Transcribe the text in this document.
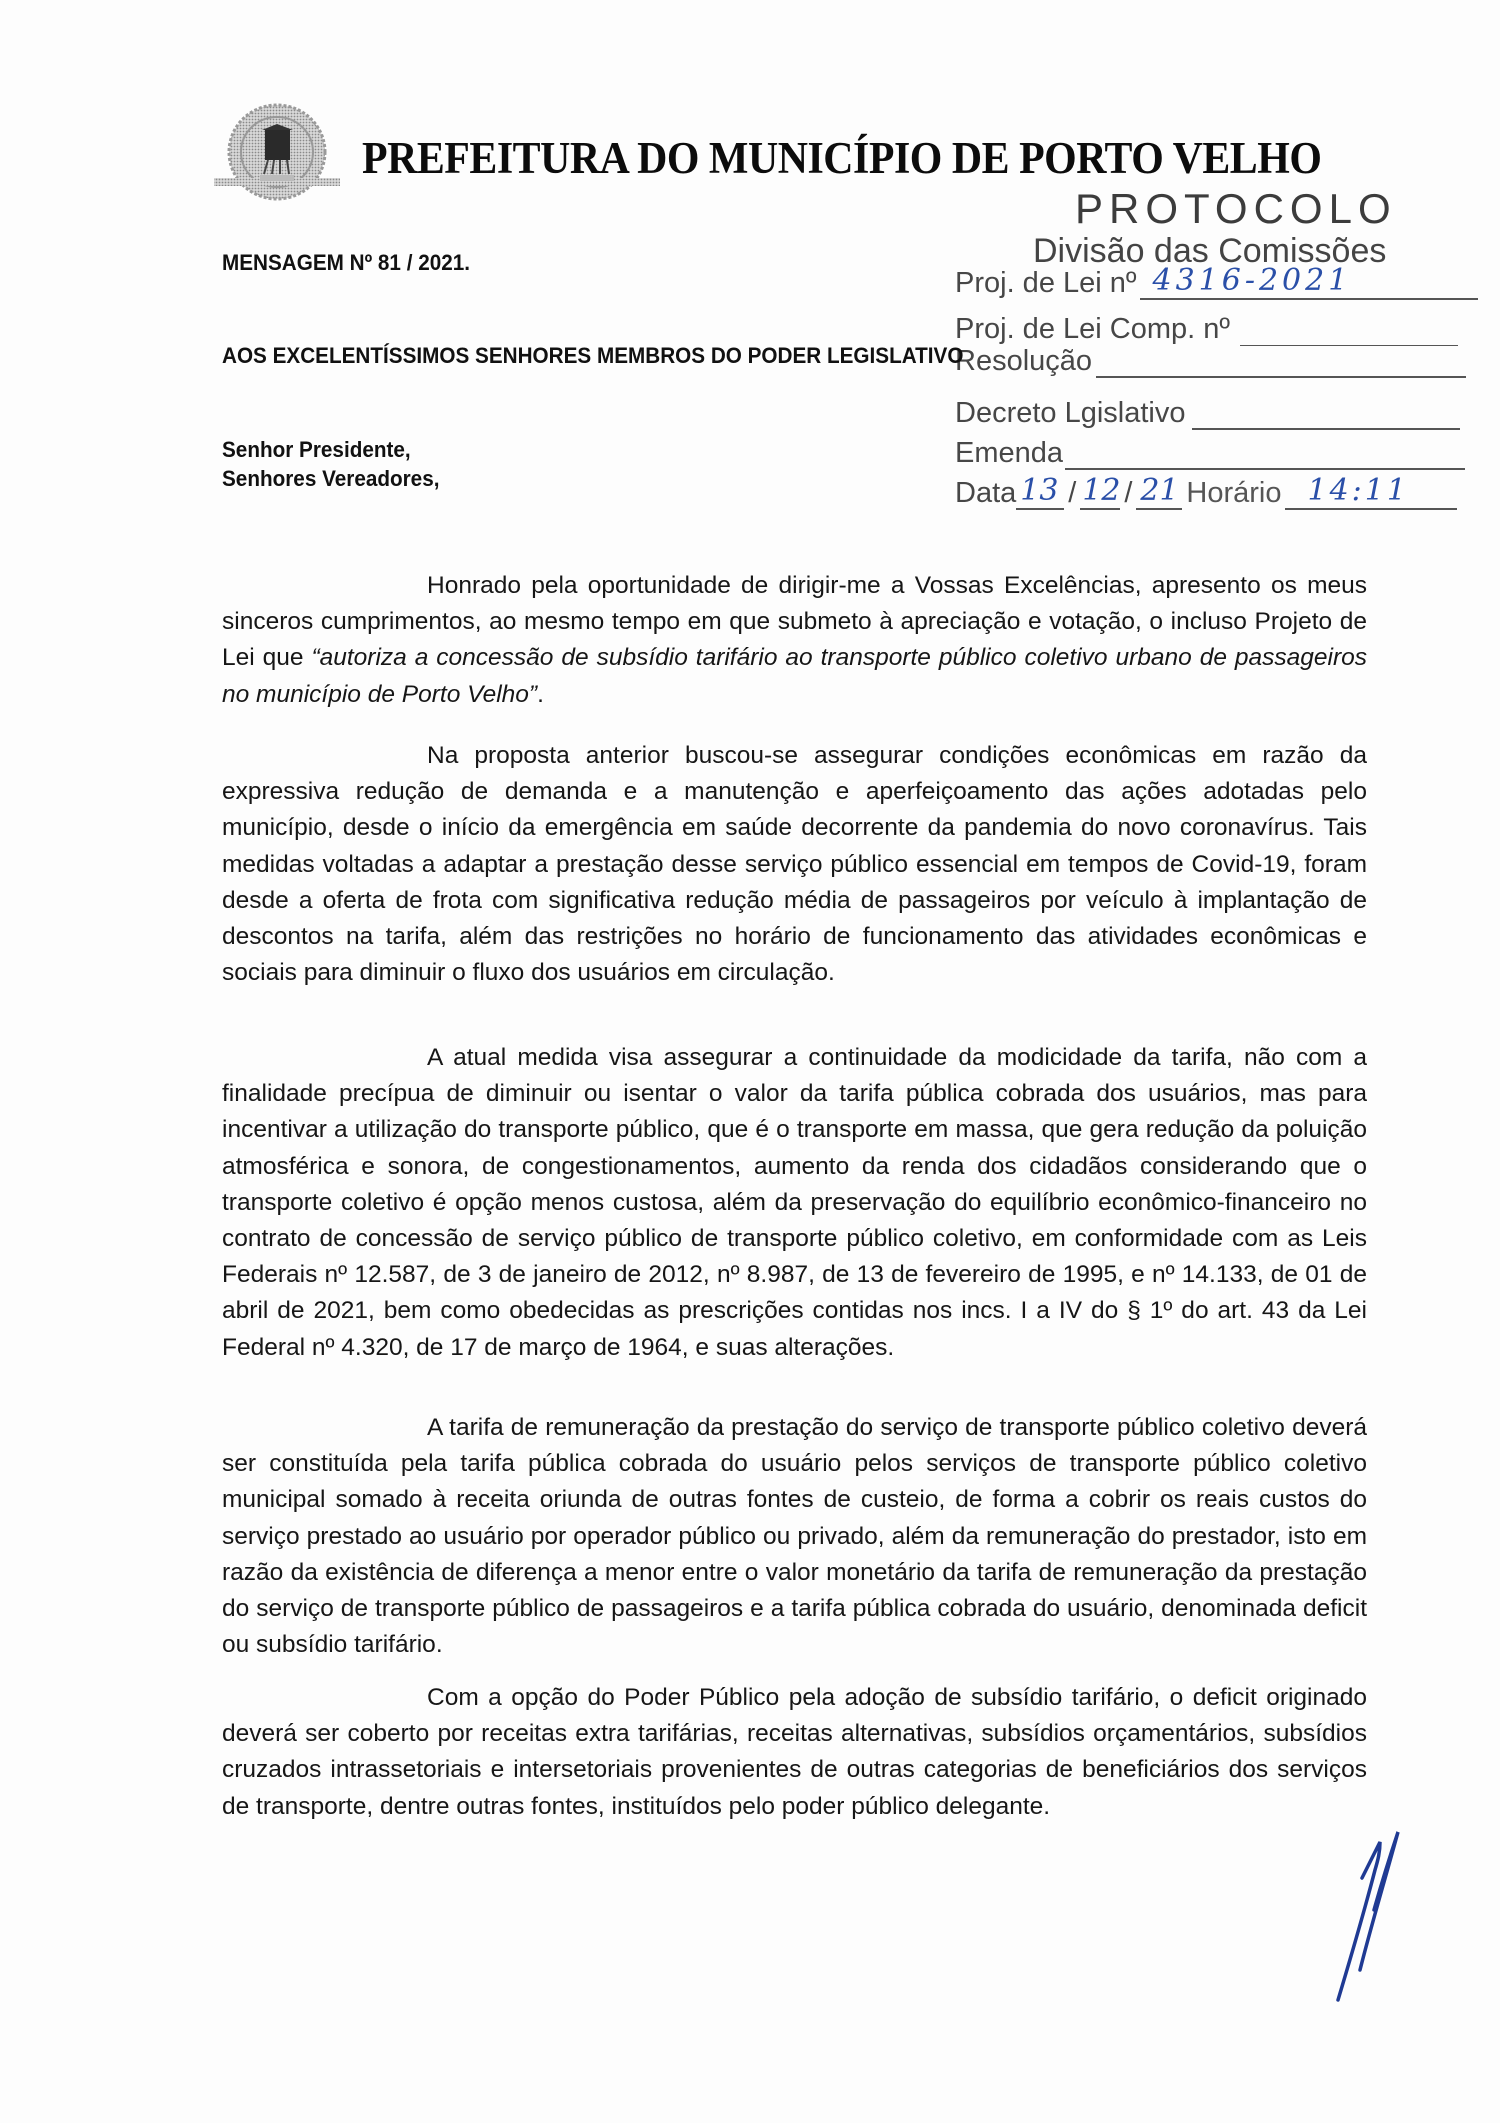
PREFEITURA DO MUNICÍPIO DE PORTO VELHO
PROTOCOLO
Divisão das Comissões
Proj. de Lei nº 4316-2021
Proj. de Lei Comp. nº
Resolução
Decreto Lgislativo
Emenda
Data 13 / 12 / 21 Horário 14:11
MENSAGEM Nº 81 / 2021.
AOS EXCELENTÍSSIMOS SENHORES MEMBROS DO PODER LEGISLATIVO
Senhor Presidente,
Senhores Vereadores,
Honrado pela oportunidade de dirigir-me a Vossas Excelências, apresento os meus sinceros cumprimentos, ao mesmo tempo em que submeto à apreciação e votação, o incluso Projeto de Lei que “autoriza a concessão de subsídio tarifário ao transporte público coletivo urbano de passageiros no município de Porto Velho”.
Na proposta anterior buscou-se assegurar condições econômicas em razão da expressiva redução de demanda e a manutenção e aperfeiçoamento das ações adotadas pelo município, desde o início da emergência em saúde decorrente da pandemia do novo coronavírus. Tais medidas voltadas a adaptar a prestação desse serviço público essencial em tempos de Covid-19, foram desde a oferta de frota com significativa redução média de passageiros por veículo à implantação de descontos na tarifa, além das restrições no horário de funcionamento das atividades econômicas e sociais para diminuir o fluxo dos usuários em circulação.
A atual medida visa assegurar a continuidade da modicidade da tarifa, não com a finalidade precípua de diminuir ou isentar o valor da tarifa pública cobrada dos usuários, mas para incentivar a utilização do transporte público, que é o transporte em massa, que gera redução da poluição atmosférica e sonora, de congestionamentos, aumento da renda dos cidadãos considerando que o transporte coletivo é opção menos custosa, além da preservação do equilíbrio econômico-financeiro no contrato de concessão de serviço público de transporte público coletivo, em conformidade com as Leis Federais nº 12.587, de 3 de janeiro de 2012, nº 8.987, de 13 de fevereiro de 1995, e nº 14.133, de 01 de abril de 2021, bem como obedecidas as prescrições contidas nos incs. I a IV do § 1º do art. 43 da Lei Federal nº 4.320, de 17 de março de 1964, e suas alterações.
A tarifa de remuneração da prestação do serviço de transporte público coletivo deverá ser constituída pela tarifa pública cobrada do usuário pelos serviços de transporte público coletivo municipal somado à receita oriunda de outras fontes de custeio, de forma a cobrir os reais custos do serviço prestado ao usuário por operador público ou privado, além da remuneração do prestador, isto em razão da existência de diferença a menor entre o valor monetário da tarifa de remuneração da prestação do serviço de transporte público de passageiros e a tarifa pública cobrada do usuário, denominada deficit ou subsídio tarifário.
Com a opção do Poder Público pela adoção de subsídio tarifário, o deficit originado deverá ser coberto por receitas extra tarifárias, receitas alternativas, subsídios orçamentários, subsídios cruzados intrassetoriais e intersetoriais provenientes de outras categorias de beneficiários dos serviços de transporte, dentre outras fontes, instituídos pelo poder público delegante.
